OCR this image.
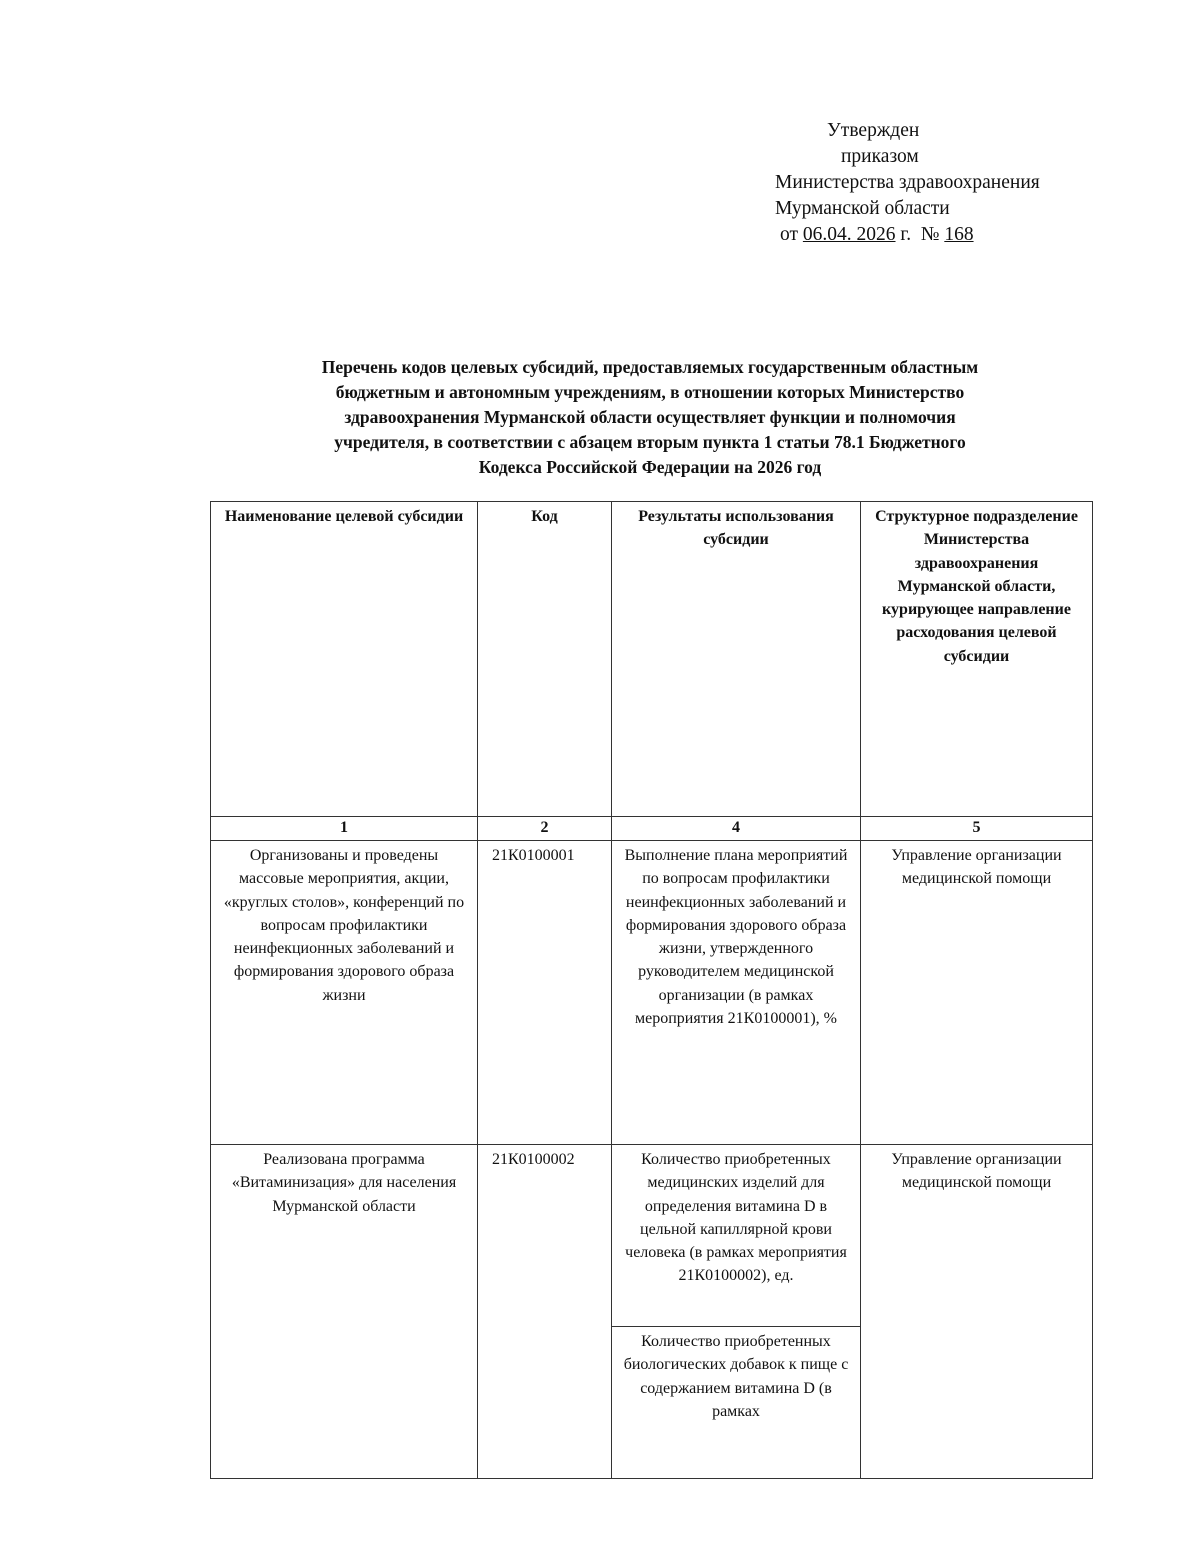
Утвержден
приказом
Министерства здравоохранения
Мурманской области
от 06.04. 2026 г. № 168
Перечень кодов целевых субсидий, предоставляемых государственным областным
бюджетным и автономным учреждениям, в отношении которых Министерство
здравоохранения Мурманской области осуществляет функции и полномочия
учредителя, в соответствии с абзацем вторым пункта 1 статьи 78.1 Бюджетного
Кодекса Российской Федерации на 2026 год
Наименование целевой субсидии	Код	Результаты использования субсидии	Структурное подразделение Министерства здравоохранения Мурманской области, курирующее направление расходования целевой субсидии
1	2	4	5
Организованы и проведены массовые мероприятия, акции, «круглых столов», конференций по вопросам профилактики неинфекционных заболеваний и формирования здорового образа жизни	21К0100001	Выполнение плана мероприятий по вопросам профилактики неинфекционных заболеваний и формирования здорового образа жизни, утвержденного руководителем медицинской организации (в рамках мероприятия 21К0100001), %	Управление организации медицинской помощи
Реализована программа «Витаминизация» для населения Мурманской области	21К0100002	Количество приобретенных медицинских изделий для определения витамина D в цельной капиллярной крови человека (в рамках мероприятия 21К0100002), ед.	Управление организации медицинской помощи
		Количество приобретенных биологических добавок к пище с содержанием витамина D (в рамках	
